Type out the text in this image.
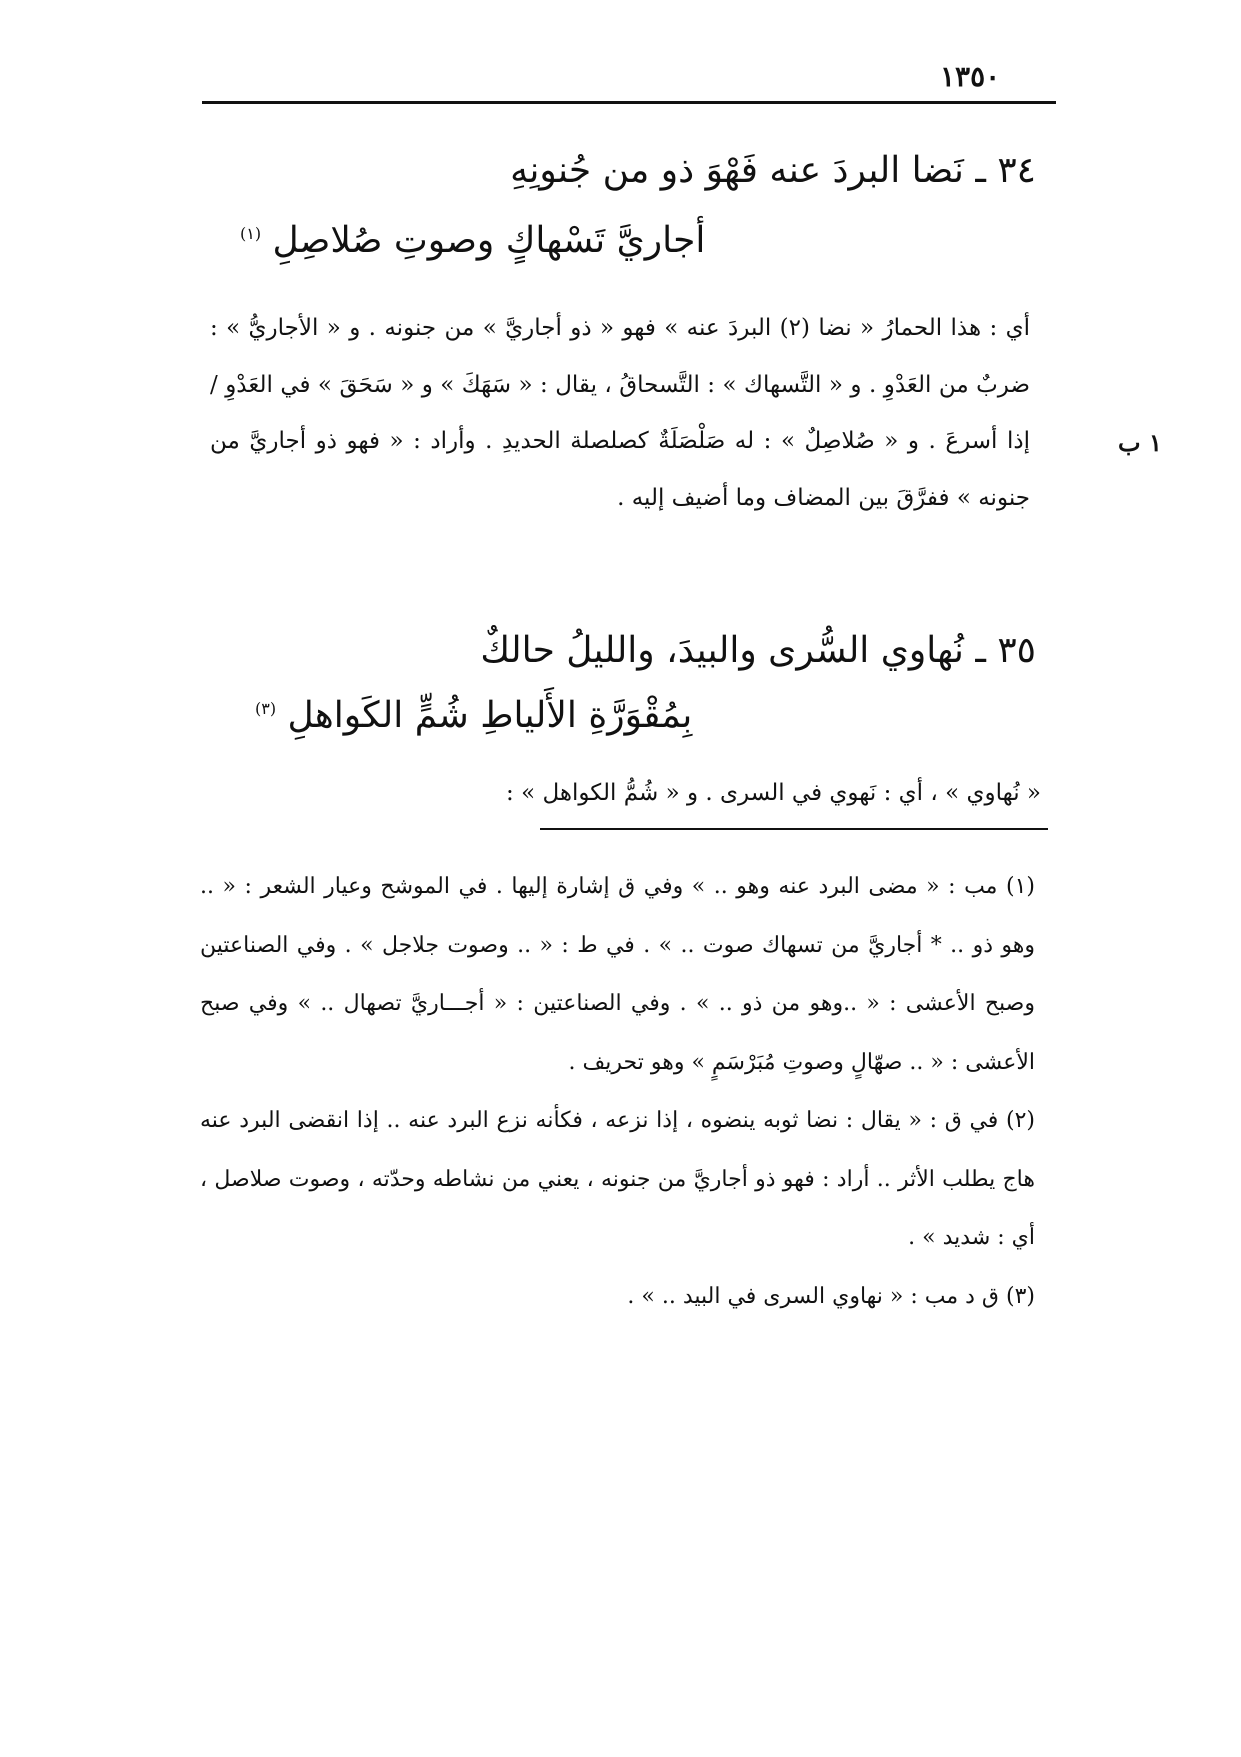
١٣٥٠
١ ب
٣٤ ـ نَضا البردَ عنه فَهْوَ ذو من جُنونِهِ
أجاريَّ تَسْهاكٍ وصوتِ صُلاصِلِ $^{(١)}$

أي : هذا الحمارُ « نضا (٢) البردَ عنه » فهو « ذو أجاريَّ » من جنونه . و « الأجاريُّ » : ضربٌ من العَدْوِ . و « التَّسهاك » : التَّسحاقُ ، يقال : « سَهَكَ » و « سَحَقَ » في العَدْوِ / إذا أسرعَ . و « صُلاصِلٌ » : له صَلْصَلَةٌ كصلصلة الحديدِ . وأراد : « فهو ذو أجاريَّ من جنونه » ففرَّقَ بين المضاف وما أضيف إليه .

٣٥ ـ نُهاوي السُّرى والبيدَ، والليلُ حالكٌ
بِمُقْوَرَّةِ الأَلياطِ شُمٍّ الكَواهلِ $^{(٣)}$
« نُهاوي » ، أي : نَهوي في السرى . و « شُمُّ الكواهل » :

(١) مب : « مضى البرد عنه وهو .. » وفي ق إشارة إليها . في الموشح وعيار الشعر : « .. وهو ذو .. * أجاريَّ من تسهاك صوت .. » . في ط : « .. وصوت جلاجل » . وفي الصناعتين وصبح الأعشى : « ..وهو من ذو .. » . وفي الصناعتين : « أجـــاريَّ تصهال .. » وفي صبح الأعشى : « .. صهّالٍ وصوتِ مُبَرْسَمٍ » وهو تحريف .

(٢) في ق : « يقال : نضا ثوبه ينضوه ، إذا نزعه ، فكأنه نزع البرد عنه .. إذا انقضى البرد عنه هاج يطلب الأثر .. أراد : فهو ذو أجاريَّ من جنونه ، يعني من نشاطه وحدّته ، وصوت صلاصل ، أي : شديد » .

(٣) ق د مب : « نهاوي السرى في البيد .. » .
